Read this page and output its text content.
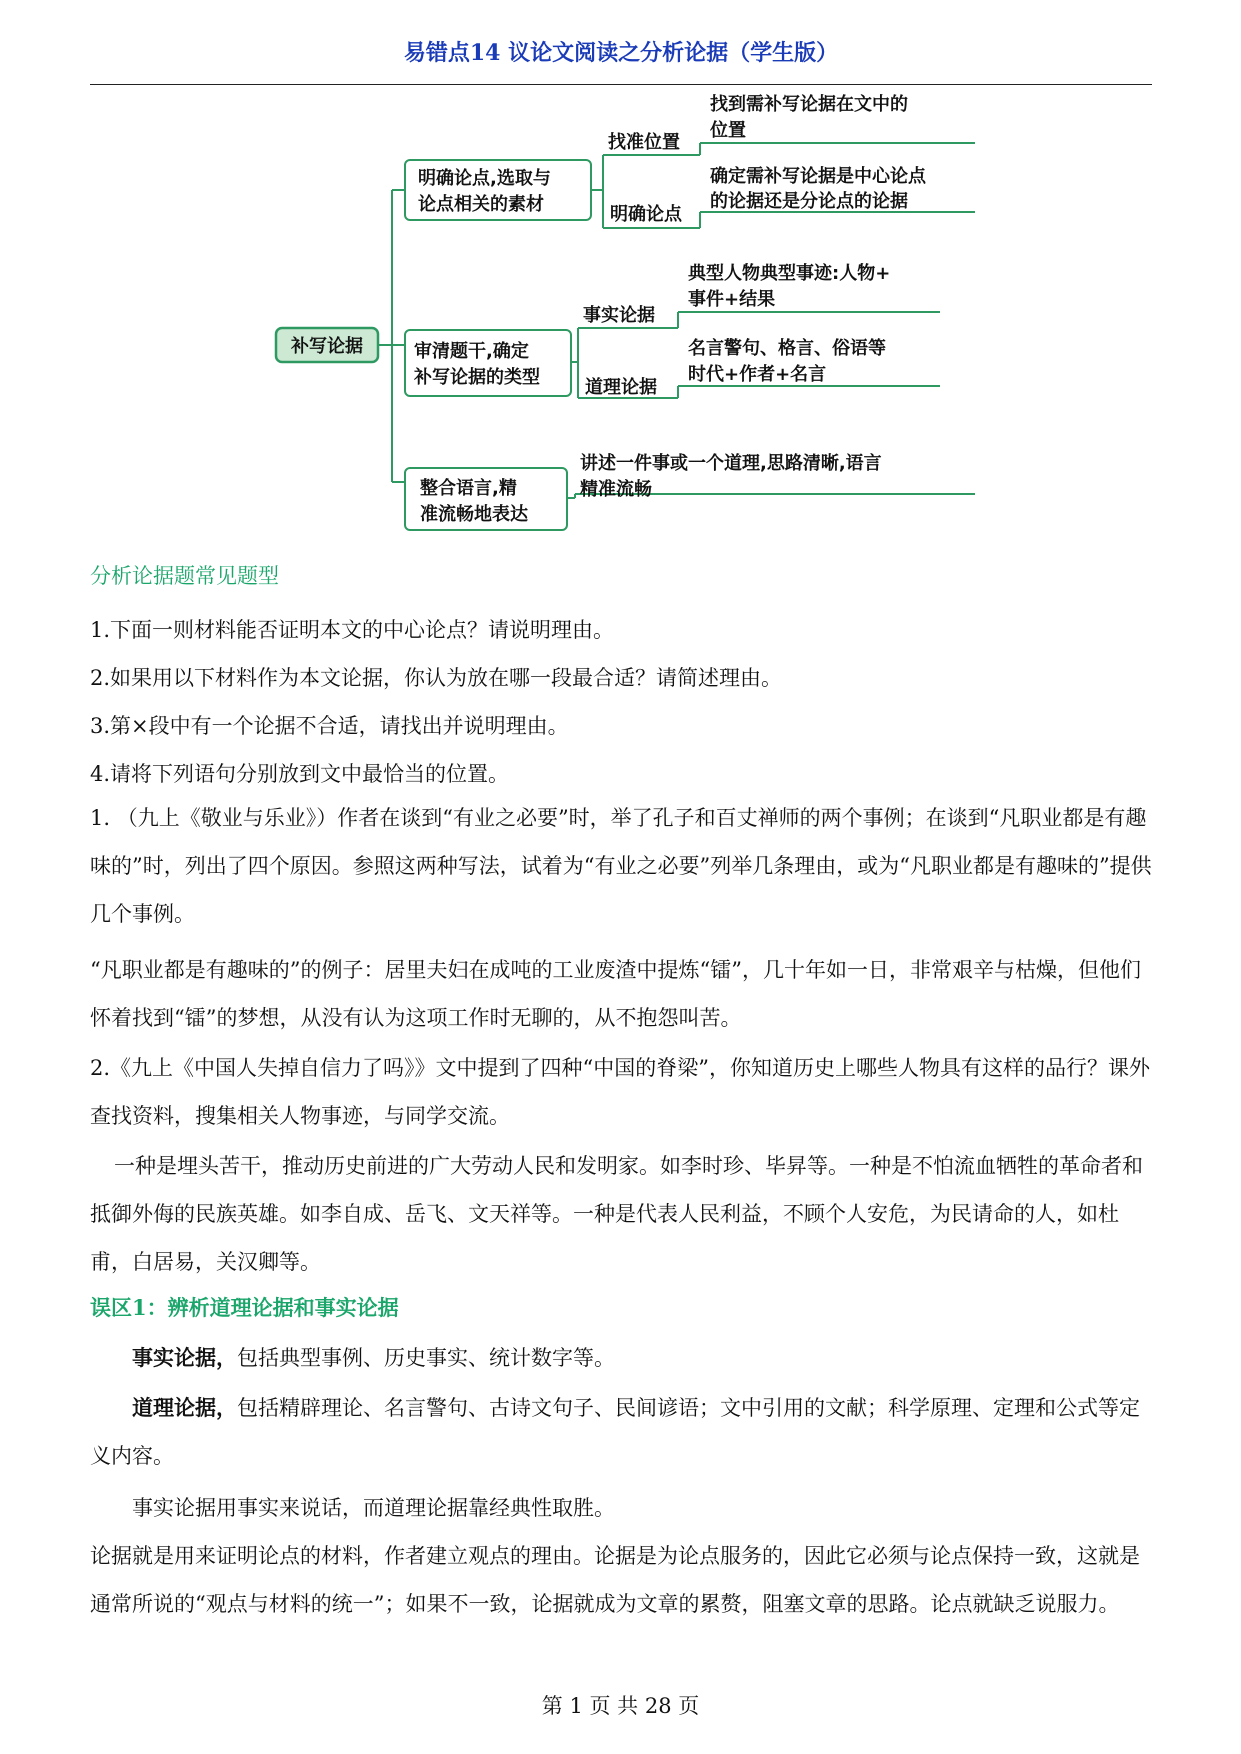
易错点14 议论文阅读之分析论据（学生版）
补写论据
明确论点,选取与
论点相关的素材
找准位置
找到需补写论据在文中的
位置
明确论点
确定需补写论据是中心论点
的论据还是分论点的论据
审清题干,确定
补写论据的类型
事实论据
典型人物典型事迹:人物+
事件+结果
道理论据
名言警句、格言、俗语等
时代+作者+名言
整合语言,精
准流畅地表达
讲述一件事或一个道理,思路清晰,语言
精准流畅
分析论据题常见题型
1.下面一则材料能否证明本文的中心论点？请说明理由。
2.如果用以下材料作为本文论据，你认为放在哪一段最合适？请简述理由。
3.第×段中有一个论据不合适，请找出并说明理由。
4.请将下列语句分别放到文中最恰当的位置。

1. （九上《敬业与乐业》）作者在谈到“有业之必要”时，举了孔子和百丈禅师的两个事例；在谈到“凡职业都是有趣味的”时，列出了四个原因。参照这两种写法，试着为“有业之必要”列举几条理由，或为“凡职业都是有趣味的”提供几个事例。

“凡职业都是有趣味的”的例子：居里夫妇在成吨的工业废渣中提炼“镭”，几十年如一日，非常艰辛与枯燥，但他们怀着找到“镭”的梦想，从没有认为这项工作时无聊的，从不抱怨叫苦。

2.《九上《中国人失掉自信力了吗》》文中提到了四种“中国的脊梁”，你知道历史上哪些人物具有这样的品行？课外查找资料，搜集相关人物事迹，与同学交流。

一种是埋头苦干，推动历史前进的广大劳动人民和发明家。如李时珍、毕昇等。一种是不怕流血牺牲的革命者和抵御外侮的民族英雄。如李自成、岳飞、文天祥等。一种是代表人民利益，不顾个人安危，为民请命的人，如杜甫，白居易，关汉卿等。

误区1：辨析道理论据和事实论据

事实论据，包括典型事例、历史事实、统计数字等。

道理论据，包括精辟理论、名言警句、古诗文句子、民间谚语；文中引用的文献；科学原理、定理和公式等定义内容。

事实论据用事实来说话，而道理论据靠经典性取胜。

论据就是用来证明论点的材料，作者建立观点的理由。论据是为论点服务的，因此它必须与论点保持一致，这就是通常所说的“观点与材料的统一”；如果不一致，论据就成为文章的累赘，阻塞文章的思路。论点就缺乏说服力。

第 1 页 共 28 页
